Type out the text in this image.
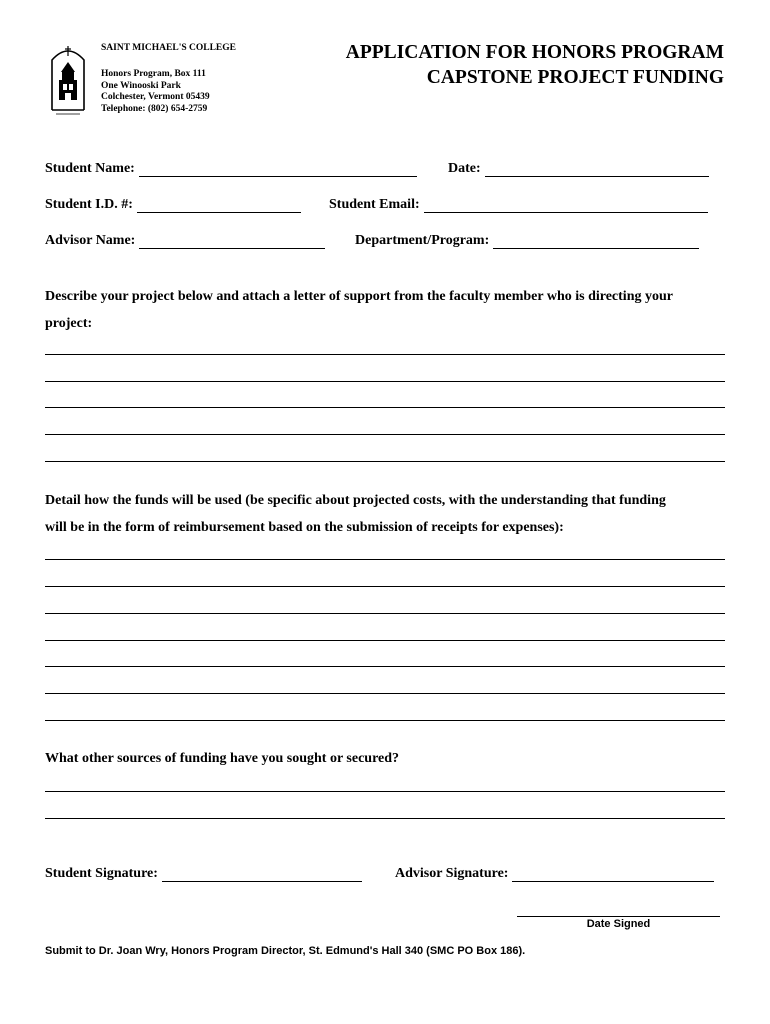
SAINT MICHAEL'S COLLEGE
Honors Program, Box 111
One Winooski Park
Colchester, Vermont 05439
Telephone: (802) 654-2759
APPLICATION FOR HONORS PROGRAM
CAPSTONE PROJECT FUNDING
Student Name:	Date:
Student I.D. #:	Student Email:
Advisor Name:	Department/Program:
Describe your project below and attach a letter of support from the faculty member who is directing your
project:
Detail how the funds will be used (be specific about projected costs, with the understanding that funding
will be in the form of reimbursement based on the submission of receipts for expenses):
What other sources of funding have you sought or secured?
Student Signature:	Advisor Signature:
Date Signed
Submit to Dr. Joan Wry, Honors Program Director, St. Edmund's Hall 340 (SMC PO Box 186).
